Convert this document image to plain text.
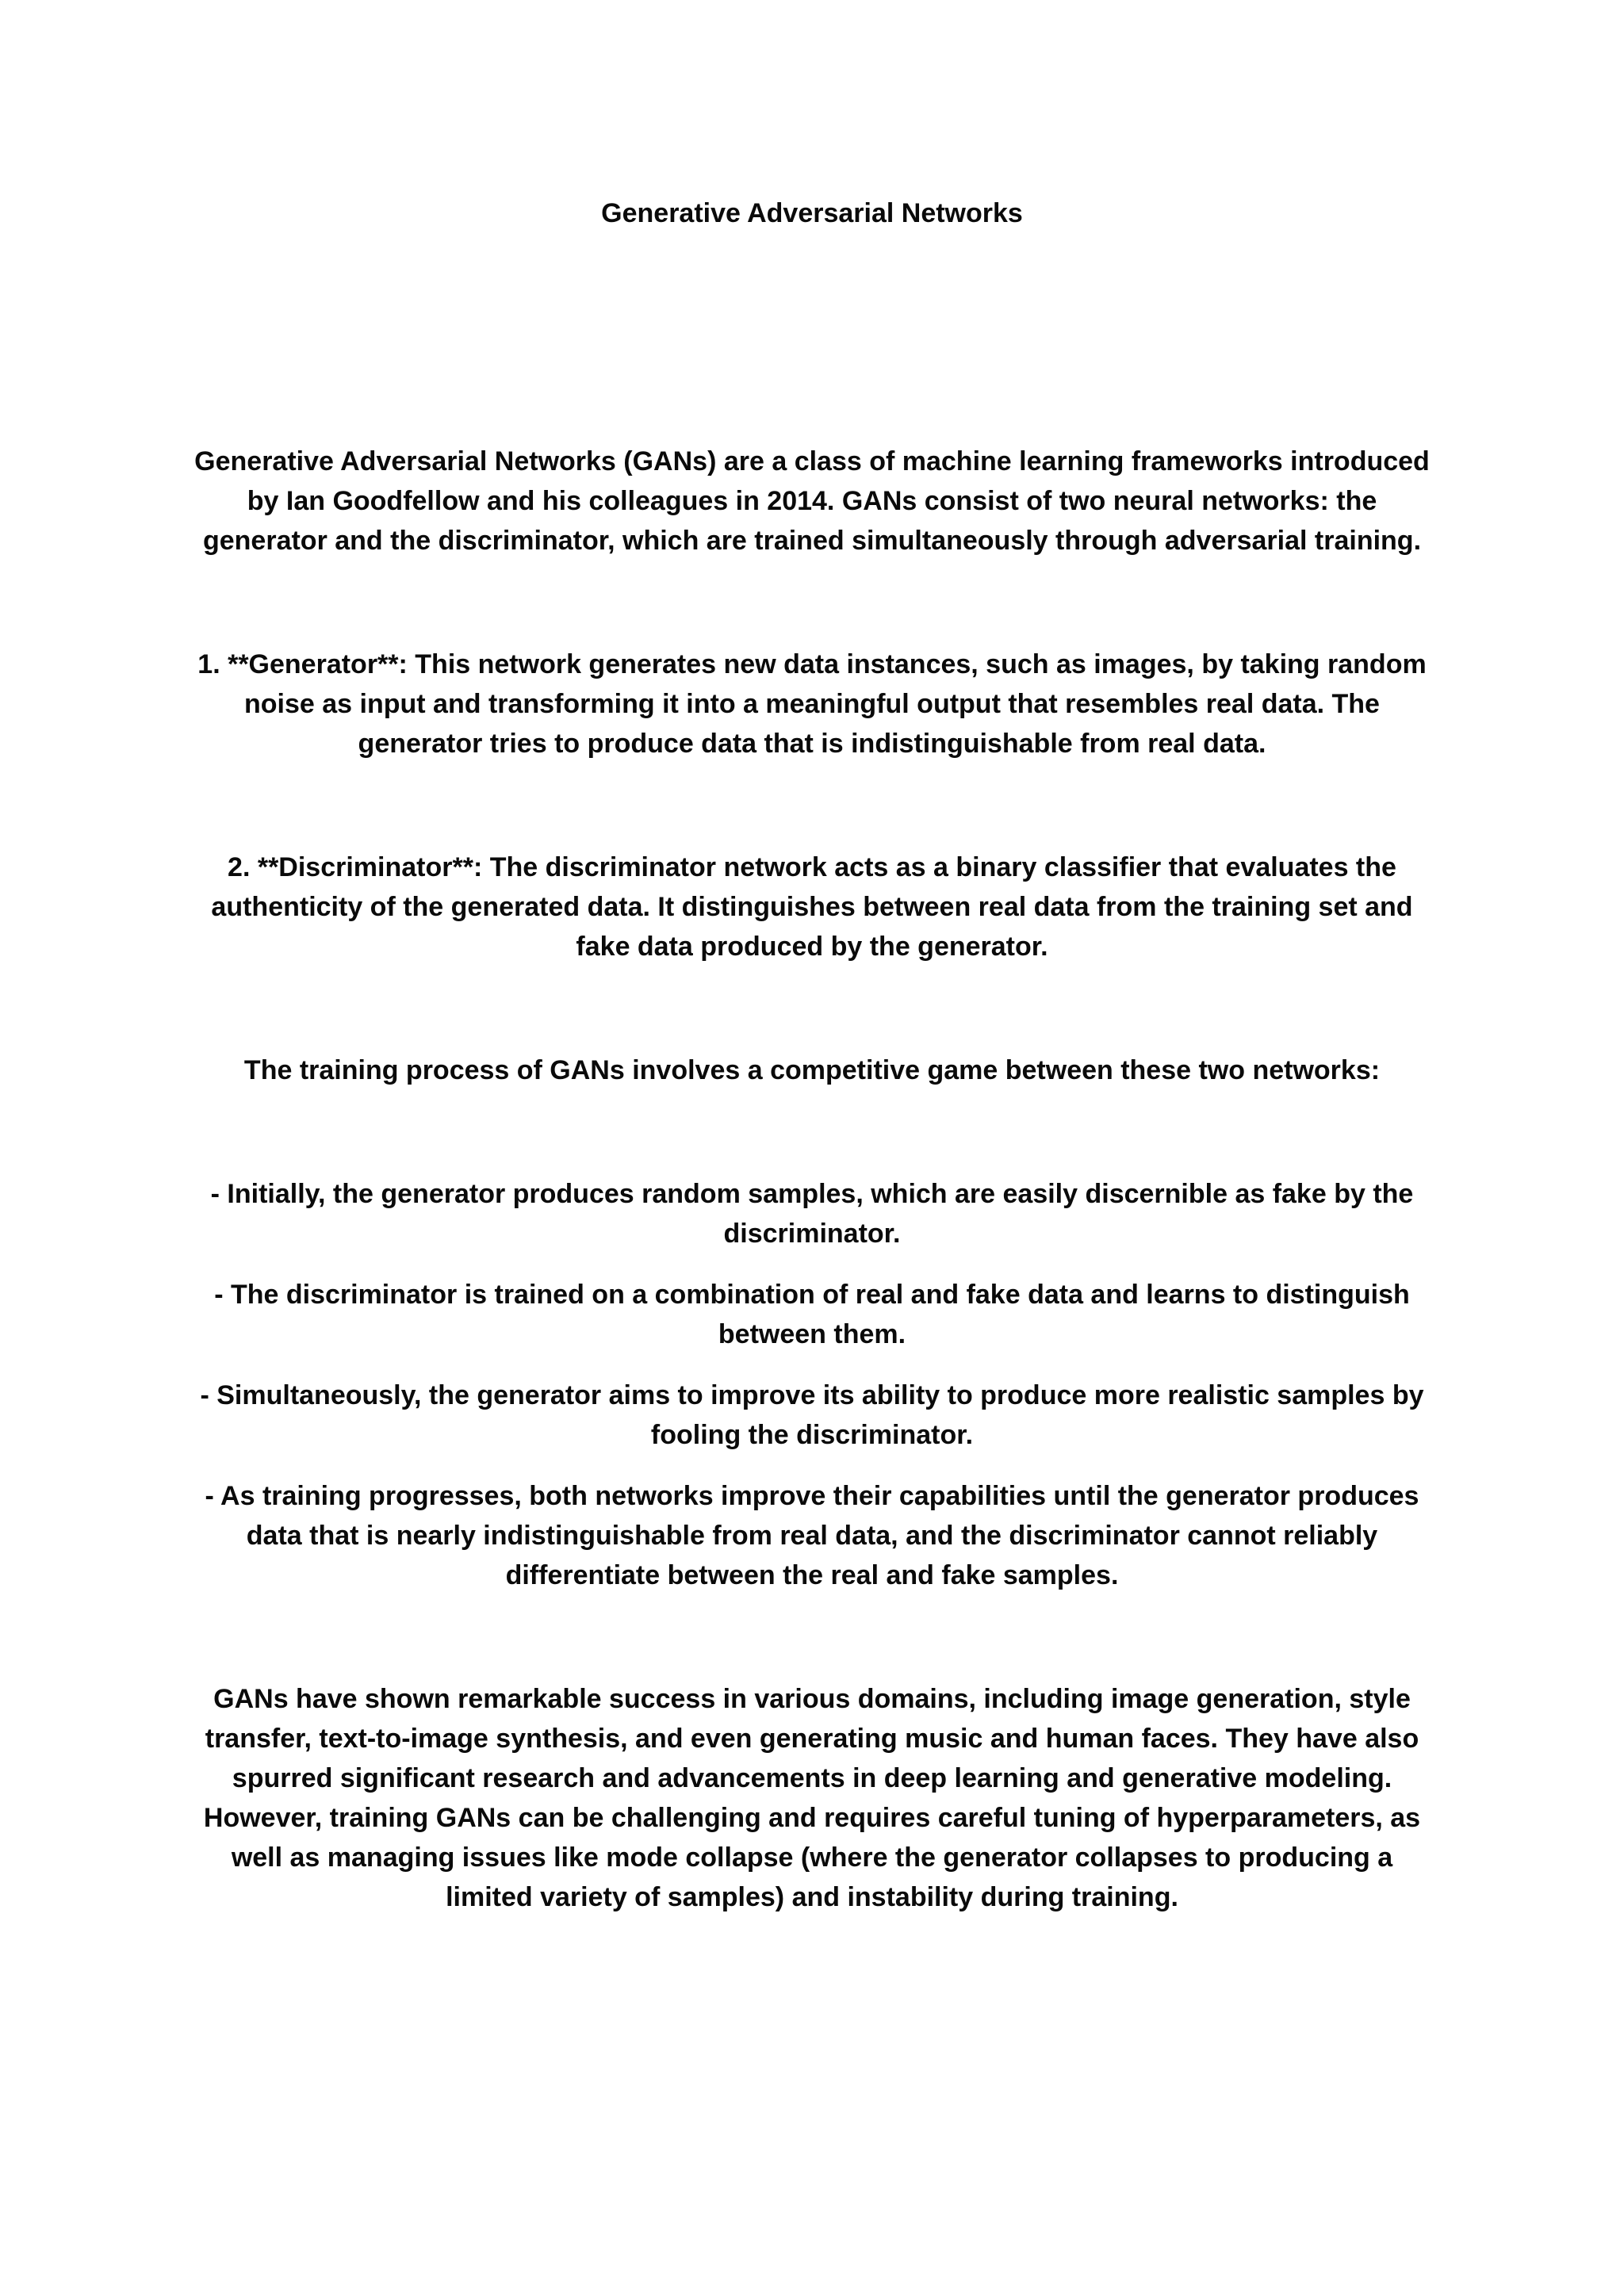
Generative Adversarial Networks

Generative Adversarial Networks (GANs) are a class of machine learning frameworks introduced by Ian Goodfellow and his colleagues in 2014. GANs consist of two neural networks: the generator and the discriminator, which are trained simultaneously through adversarial training.

1. **Generator**: This network generates new data instances, such as images, by taking random noise as input and transforming it into a meaningful output that resembles real data. The generator tries to produce data that is indistinguishable from real data.

2. **Discriminator**: The discriminator network acts as a binary classifier that evaluates the authenticity of the generated data. It distinguishes between real data from the training set and fake data produced by the generator.

The training process of GANs involves a competitive game between these two networks:

- Initially, the generator produces random samples, which are easily discernible as fake by the discriminator.

- The discriminator is trained on a combination of real and fake data and learns to distinguish between them.

- Simultaneously, the generator aims to improve its ability to produce more realistic samples by fooling the discriminator.

- As training progresses, both networks improve their capabilities until the generator produces data that is nearly indistinguishable from real data, and the discriminator cannot reliably differentiate between the real and fake samples.

GANs have shown remarkable success in various domains, including image generation, style transfer, text-to-image synthesis, and even generating music and human faces. They have also spurred significant research and advancements in deep learning and generative modeling. However, training GANs can be challenging and requires careful tuning of hyperparameters, as well as managing issues like mode collapse (where the generator collapses to producing a limited variety of samples) and instability during training.
